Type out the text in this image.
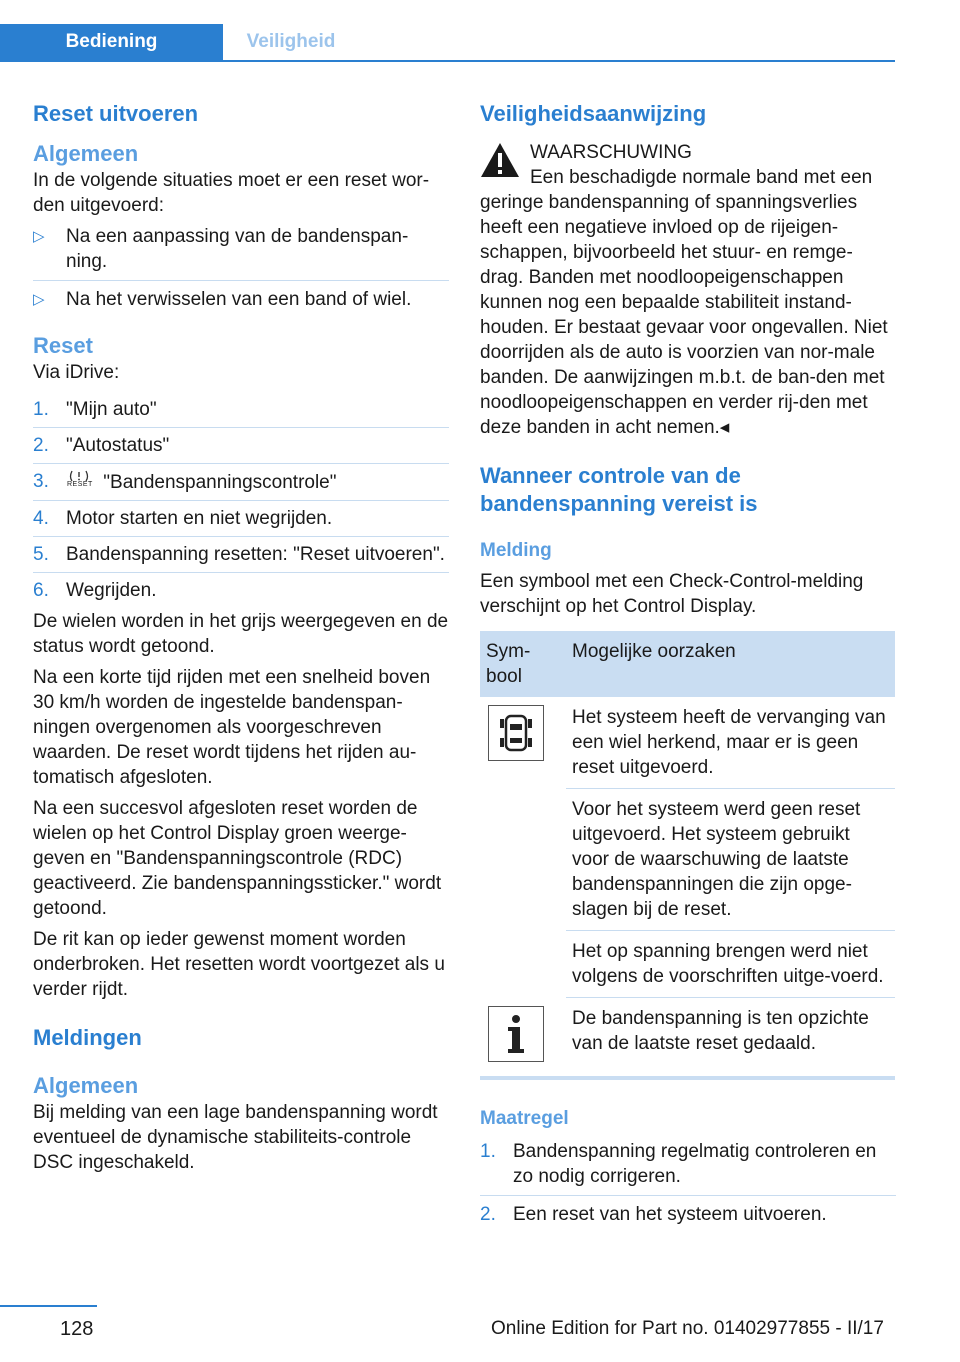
Bediening	Veiligheid
Reset uitvoeren
Algemeen

In de volgende situaties moet er een reset wor-den uitgevoerd:

▷ Na een aanpassing van de bandenspan-ning.
▷ Na het verwisselen van een band of wiel.
Reset

Via iDrive:

1. "Mijn auto"
2. "Autostatus"
3.	RESET "Bandenspanningscontrole"
4. Motor starten en niet wegrijden.
5. Bandenspanning resetten: "Reset uitvoeren".
6. Wegrijden.

De wielen worden in het grijs weergegeven en de status wordt getoond.

Na een korte tijd rijden met een snelheid boven 30 km/h worden de ingestelde bandenspan-ningen overgenomen als voorgeschreven waarden. De reset wordt tijdens het rijden au-tomatisch afgesloten.

Na een succesvol afgesloten reset worden de wielen op het Control Display groen weerge-geven en "Bandenspanningscontrole (RDC) geactiveerd. Zie bandenspanningssticker." wordt getoond.

De rit kan op ieder gewenst moment worden onderbroken. Het resetten wordt voortgezet als u verder rijdt.

Meldingen
Algemeen

Bij melding van een lage bandenspanning wordt eventueel de dynamische stabiliteits-controle DSC ingeschakeld.

Veiligheidsaanwijzing

WAARSCHUWING

Een beschadigde normale band met een geringe bandenspanning of spanningsverlies heeft een negatieve invloed op de rijeigen-schappen, bijvoorbeeld het stuur- en remge-drag. Banden met noodloopeigenschappen kunnen nog een bepaalde stabiliteit instand-houden. Er bestaat gevaar voor ongevallen. Niet doorrijden als de auto is voorzien van nor-male banden. De aanwijzingen m.b.t. de ban-den met noodloopeigenschappen en verder rij-den met deze banden in acht nemen.◂

Wanneer controle van de bandenspanning vereist is
Melding

Een symbool met een Check-Control-melding verschijnt op het Control Display.

Sym-bool	Mogelijke oorzaken

	Het systeem heeft de vervanging van een wiel herkend, maar er is geen reset uitgevoerd.
	Voor het systeem werd geen reset uitgevoerd. Het systeem gebruikt voor de waarschuwing de laatste bandenspanningen die zijn opge-slagen bij de reset.
	Het op spanning brengen werd niet volgens de voorschriften uitge-voerd.

	De bandenspanning is ten opzichte van de laatste reset gedaald.
Maatregel
1. Bandenspanning regelmatig controleren en zo nodig corrigeren.
2. Een reset van het systeem uitvoeren.
128	Online Edition for Part no. 01402977855 - II/17
